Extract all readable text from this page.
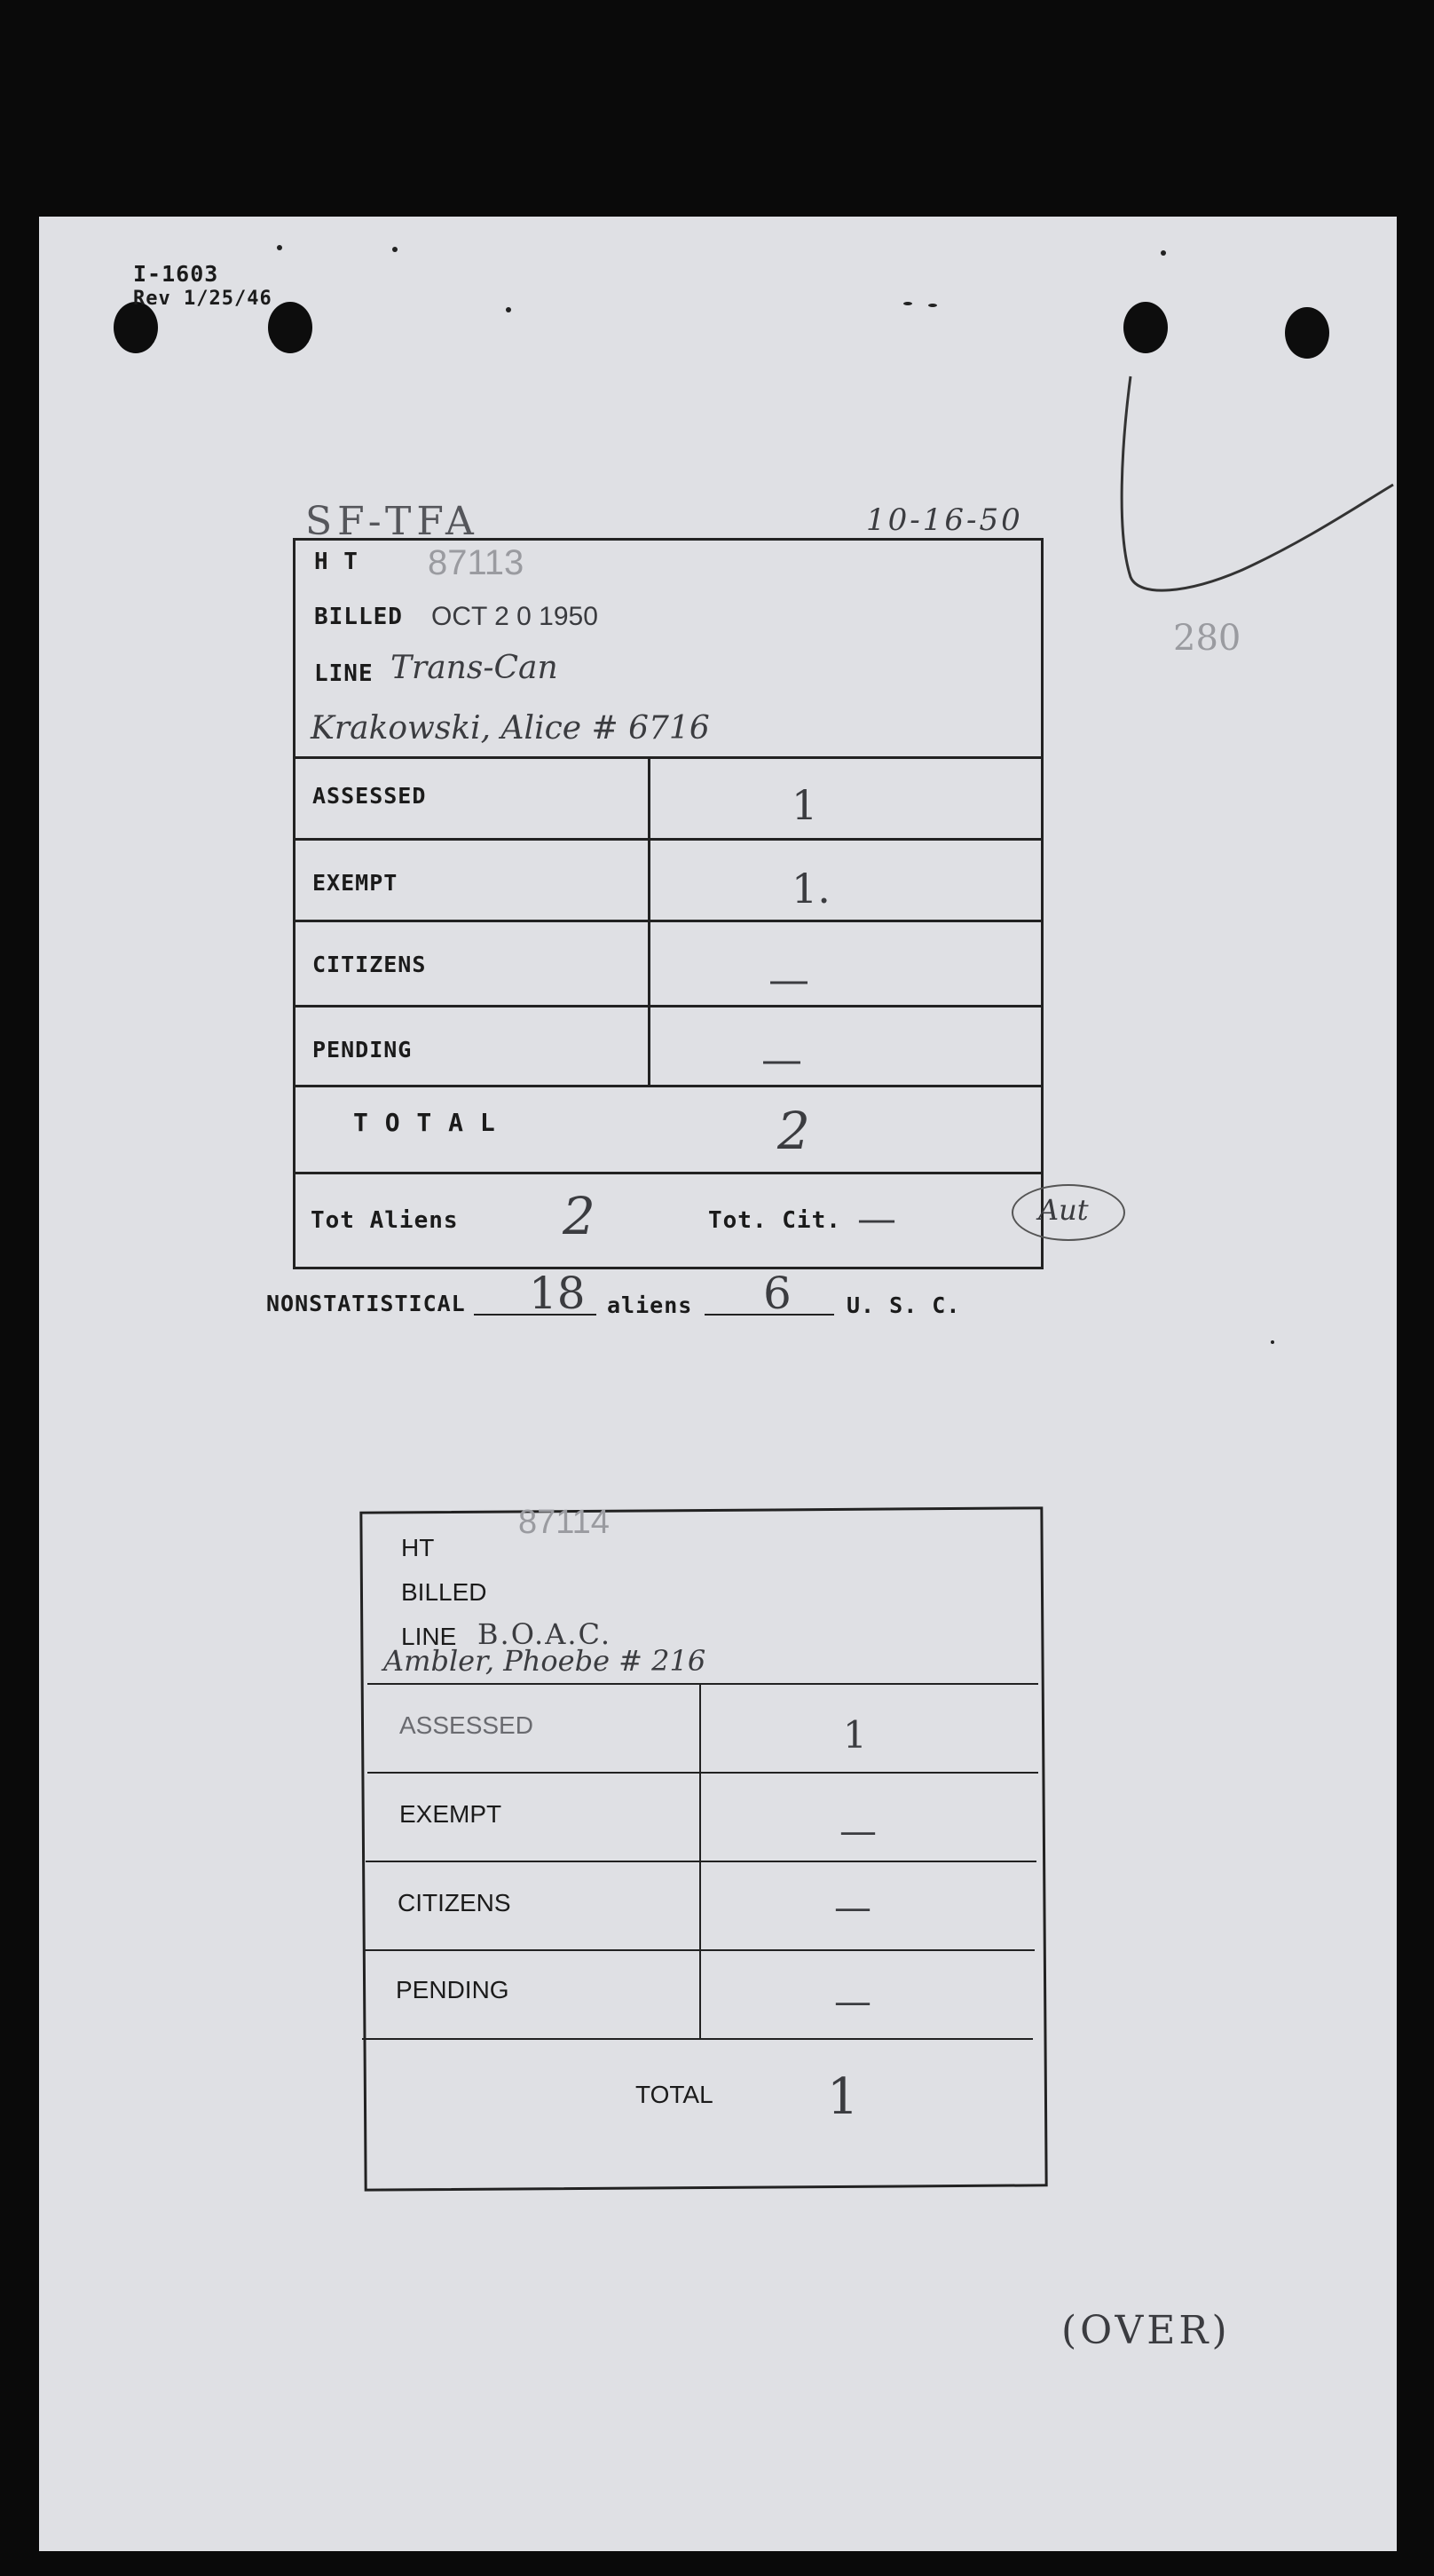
I-1603
Rev 1/25/46
SF-TFA	10-16-50
280
H T 87113
BILLED OCT 2 0 1950
LINE Trans-Can
Krakowski, Alice # 6716
ASSESSED	1
EXEMPT	1.
CITIZENS	—
PENDING	—
T O T A L	2
Tot Aliens 2	Tot. Cit. —	Aut
NONSTATISTICAL 18 aliens 6 U. S. C.
HT
87114
BILLED
LINE B.O.A.C.
Ambler, Phoebe # 216
ASSESSED	1
EXEMPT	—
CITIZENS	—
PENDING	—
TOTAL 1
(OVER)
